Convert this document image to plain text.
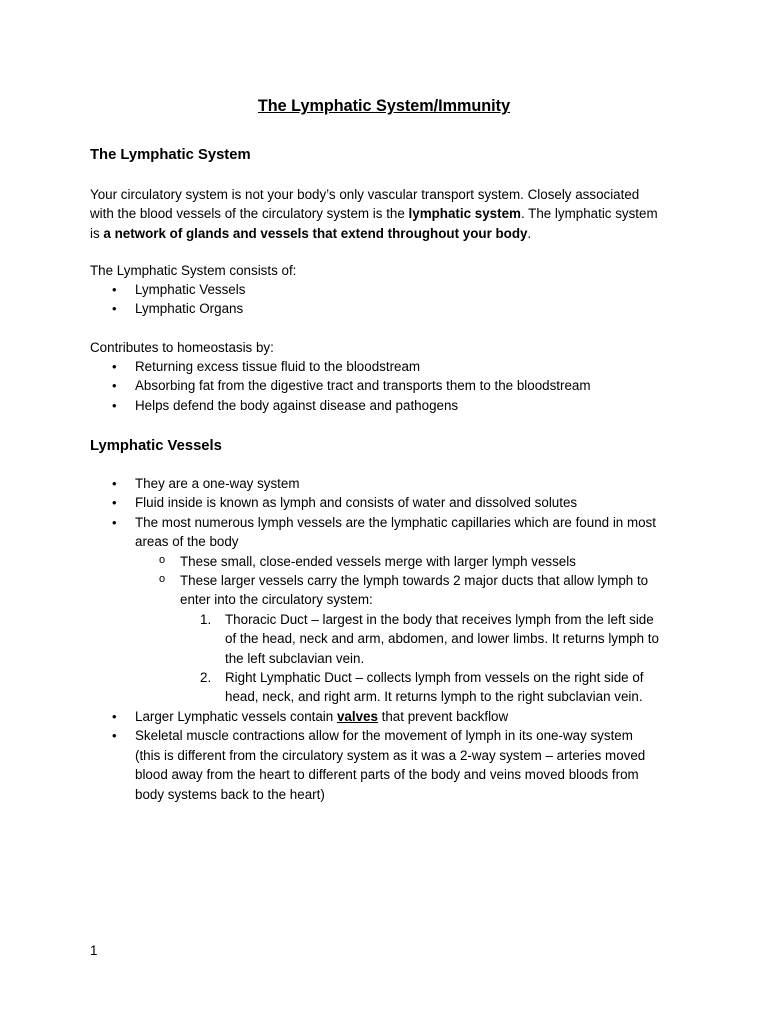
The Lymphatic System/Immunity
The Lymphatic System
Your circulatory system is not your body’s only vascular transport system. Closely associated
with the blood vessels of the circulatory system is the lymphatic system. The lymphatic system
is a network of glands and vessels that extend throughout your body.
The Lymphatic System consists of:
• Lymphatic Vessels
• Lymphatic Organs
Contributes to homeostasis by:
• Returning excess tissue fluid to the bloodstream
• Absorbing fat from the digestive tract and transports them to the bloodstream
• Helps defend the body against disease and pathogens
Lymphatic Vessels
• They are a one-way system
• Fluid inside is known as lymph and consists of water and dissolved solutes
• The most numerous lymph vessels are the lymphatic capillaries which are found in most
areas of the body
o These small, close-ended vessels merge with larger lymph vessels
o These larger vessels carry the lymph towards 2 major ducts that allow lymph to
enter into the circulatory system:
1. Thoracic Duct – largest in the body that receives lymph from the left side
of the head, neck and arm, abdomen, and lower limbs. It returns lymph to
the left subclavian vein.
2. Right Lymphatic Duct – collects lymph from vessels on the right side of
head, neck, and right arm. It returns lymph to the right subclavian vein.
• Larger Lymphatic vessels contain valves that prevent backflow
• Skeletal muscle contractions allow for the movement of lymph in its one-way system
(this is different from the circulatory system as it was a 2-way system – arteries moved
blood away from the heart to different parts of the body and veins moved bloods from
body systems back to the heart)
1
